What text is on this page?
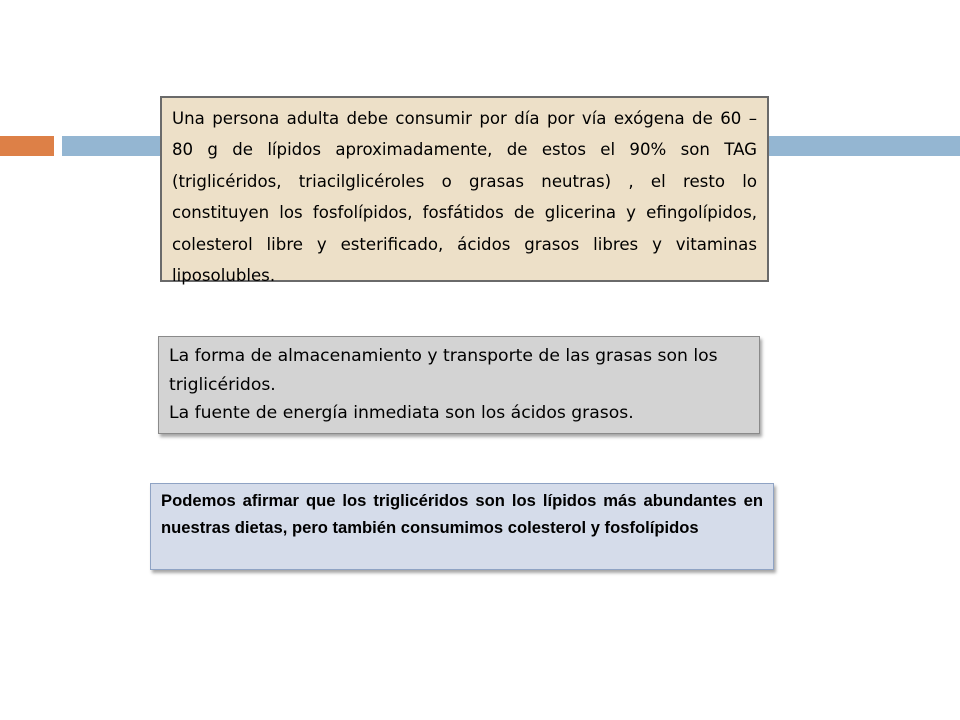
Una persona adulta debe consumir por día por vía exógena de 60 – 80 g de lípidos aproximadamente, de estos el 90% son TAG (triglicéridos, triacilglicéroles o grasas neutras) , el resto lo constituyen los fosfolípidos, fosfátidos de glicerina y efingolípidos, colesterol libre y esterificado, ácidos grasos libres y vitaminas liposolubles.
La forma de almacenamiento y transporte de las grasas son los triglicéridos.
La fuente de energía inmediata son los ácidos grasos.
Podemos afirmar que los triglicéridos son los lípidos más abundantes en nuestras dietas, pero también consumimos colesterol y fosfolípidos
